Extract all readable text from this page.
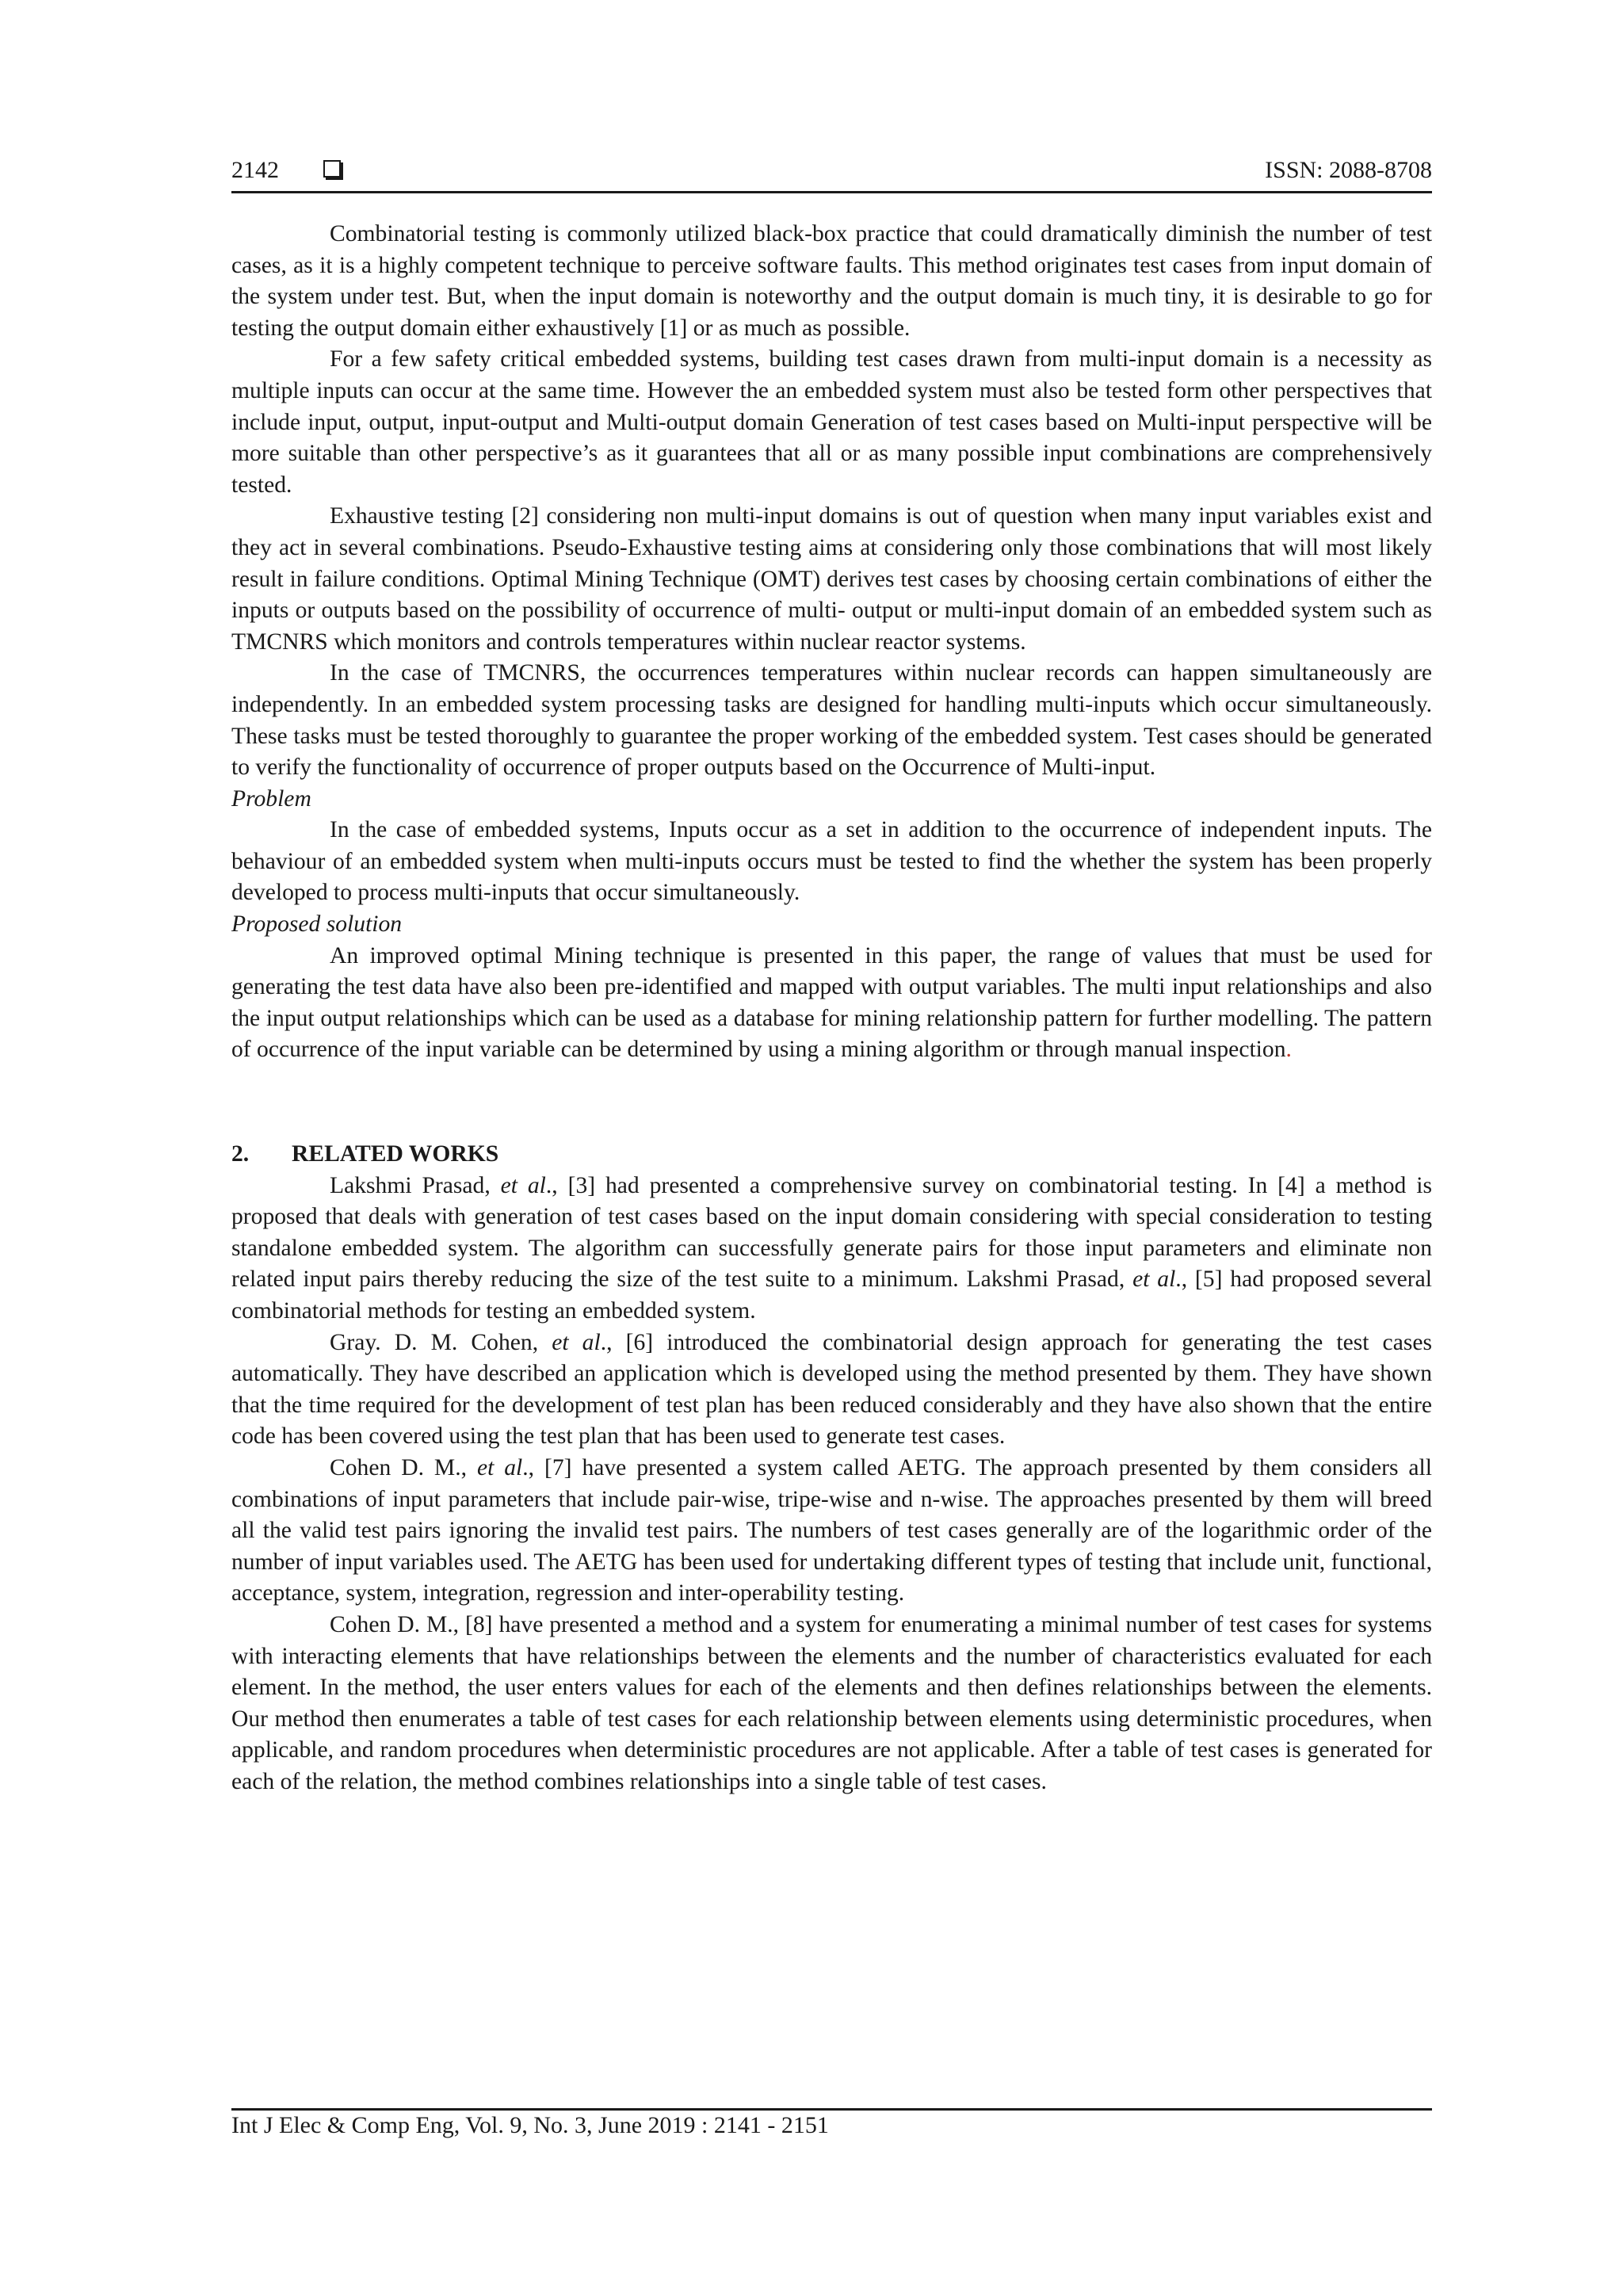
2142	ISSN: 2088-8708

Combinatorial testing is commonly utilized black-box practice that could dramatically diminish the number of test cases, as it is a highly competent technique to perceive software faults. This method originates test cases from input domain of the system under test. But, when the input domain is noteworthy and the output domain is much tiny, it is desirable to go for testing the output domain either exhaustively [1] or as much as possible.

For a few safety critical embedded systems, building test cases drawn from multi-input domain is a necessity as multiple inputs can occur at the same time. However the an embedded system must also be tested form other perspectives that include input, output, input-output and Multi-output domain Generation of test cases based on Multi-input perspective will be more suitable than other perspective’s as it guarantees that all or as many possible input combinations are comprehensively tested.

Exhaustive testing [2] considering non multi-input domains is out of question when many input variables exist and they act in several combinations. Pseudo-Exhaustive testing aims at considering only those combinations that will most likely result in failure conditions. Optimal Mining Technique (OMT) derives test cases by choosing certain combinations of either the inputs or outputs based on the possibility of occurrence of multi- output or multi-input domain of an embedded system such as TMCNRS which monitors and controls temperatures within nuclear reactor systems.

In the case of TMCNRS, the occurrences temperatures within nuclear records can happen simultaneously are independently. In an embedded system processing tasks are designed for handling multi-inputs which occur simultaneously. These tasks must be tested thoroughly to guarantee the proper working of the embedded system. Test cases should be generated to verify the functionality of occurrence of proper outputs based on the Occurrence of Multi-input.

Problem

In the case of embedded systems, Inputs occur as a set in addition to the occurrence of independent inputs. The behaviour of an embedded system when multi-inputs occurs must be tested to find the whether the system has been properly developed to process multi-inputs that occur simultaneously.

Proposed solution

An improved optimal Mining technique is presented in this paper, the range of values that must be used for generating the test data have also been pre-identified and mapped with output variables. The multi input relationships and also the input output relationships which can be used as a database for mining relationship pattern for further modelling. The pattern of occurrence of the input variable can be determined by using a mining algorithm or through manual inspection.

2. RELATED WORKS

Lakshmi Prasad, et al., [3] had presented a comprehensive survey on combinatorial testing. In [4] a method is proposed that deals with generation of test cases based on the input domain considering with special consideration to testing standalone embedded system. The algorithm can successfully generate pairs for those input parameters and eliminate non related input pairs thereby reducing the size of the test suite to a minimum. Lakshmi Prasad, et al., [5] had proposed several combinatorial methods for testing an embedded system.

Gray. D. M. Cohen, et al., [6] introduced the combinatorial design approach for generating the test cases automatically. They have described an application which is developed using the method presented by them. They have shown that the time required for the development of test plan has been reduced considerably and they have also shown that the entire code has been covered using the test plan that has been used to generate test cases.

Cohen D. M., et al., [7] have presented a system called AETG. The approach presented by them considers all combinations of input parameters that include pair-wise, tripe-wise and n-wise. The approaches presented by them will breed all the valid test pairs ignoring the invalid test pairs. The numbers of test cases generally are of the logarithmic order of the number of input variables used. The AETG has been used for undertaking different types of testing that include unit, functional, acceptance, system, integration, regression and inter-operability testing.

Cohen D. M., [8] have presented a method and a system for enumerating a minimal number of test cases for systems with interacting elements that have relationships between the elements and the number of characteristics evaluated for each element. In the method, the user enters values for each of the elements and then defines relationships between the elements. Our method then enumerates a table of test cases for each relationship between elements using deterministic procedures, when applicable, and random procedures when deterministic procedures are not applicable. After a table of test cases is generated for each of the relation, the method combines relationships into a single table of test cases.

Int J Elec & Comp Eng, Vol. 9, No. 3, June 2019 : 2141 - 2151
